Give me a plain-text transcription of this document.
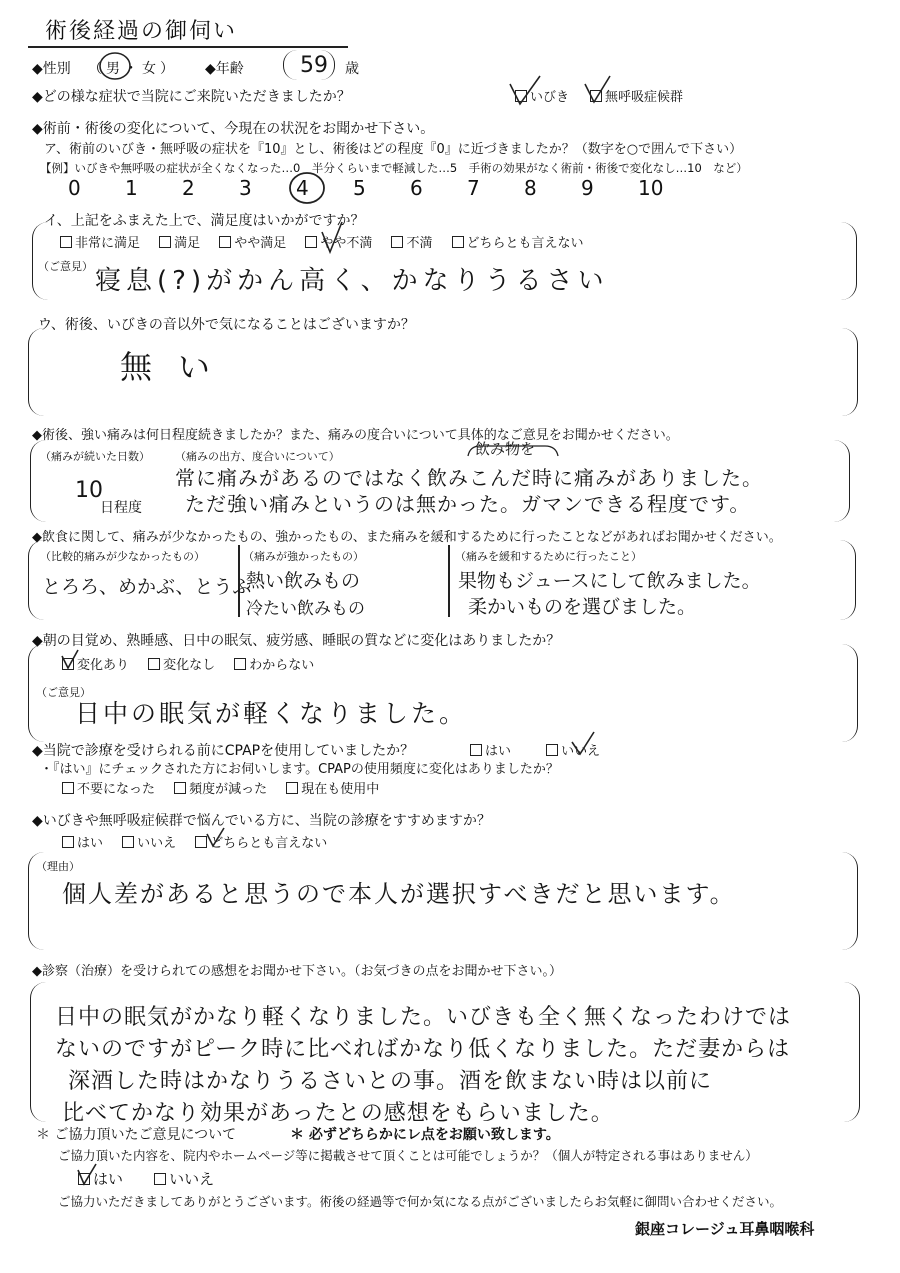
術後経過の御伺い
◆性別 （男・女） ◆年齢	59 歳
◆どの様な症状で当院にご来院いただきましたか？	いびき	無呼吸症候群
◆術前・術後の変化について、今現在の状況をお聞かせ下さい。
ア、術前のいびき・無呼吸の症状を『10』とし、術後はどの程度『0』に近づきましたか？（数字を○で囲んで下さい）
【例】いびきや無呼吸の症状が全くなくなった…0　半分くらいまで軽減した…5　手術の効果がなく術前・術後で変化なし…10　など）
0 1 2 3 4 5 6 7 8 9 10
イ、上記をふまえた上で、満足度はいかがですか？
非常に満足	満足	やや満足	やや不満	不満	どちらとも言えない
（ご意見） 寝息(?)がかん高く、かなりうるさい
ウ、術後、いびきの音以外で気になることはございますか？
無い
◆術後、強い痛みは何日程度続きましたか？また、痛みの度合いについて具体的なご意見をお聞かせください。
（痛みが続いた日数）
10
日程度
（痛みの出方、度合いについて）	飲み物を
常に痛みがあるのではなく飲みこんだ時に痛みがありました。
ただ強い痛みというのは無かった。ガマンできる程度です。
◆飲食に関して、痛みが少なかったもの、強かったもの、また痛みを緩和するために行ったことなどがあればお聞かせください。
（比較的痛みが少なかったもの）
とろろ、めかぶ、とうふ
（痛みが強かったもの）
熱い飲みもの
冷たい飲みもの
（痛みを緩和するために行ったこと）
果物もジュースにして飲みました。
柔かいものを選びました。
◆朝の目覚め、熟睡感、日中の眠気、疲労感、睡眠の質などに変化はありましたか？
変化あり	変化なし	わからない
（ご意見）
日中の眠気が軽くなりました。
◆当院で診療を受けられる前にCPAPを使用していましたか？	はい	いいえ
・『はい』にチェックされた方にお伺いします。CPAPの使用頻度に変化はありましたか？
不要になった	頻度が減った	現在も使用中
◆いびきや無呼吸症候群で悩んでいる方に、当院の診療をすすめますか？
はい	いいえ	どちらとも言えない
（理由）
個人差があると思うので本人が選択すべきだと思います。
◆診察（治療）を受けられての感想をお聞かせ下さい。（お気づきの点をお聞かせ下さい。）
日中の眠気がかなり軽くなりました。いびきも全く無くなったわけでは
ないのですがピーク時に比べればかなり低くなりました。ただ妻からは
深酒した時はかなりうるさいとの事。酒を飲まない時は以前に
比べてかなり効果があったとの感想をもらいました。
＊ ご協力頂いたご意見について	＊ 必ずどちらかにレ点をお願い致します。
ご協力頂いた内容を、院内やホームページ等に掲載させて頂くことは可能でしょうか？（個人が特定される事はありません）
はい	いいえ
ご協力いただきましてありがとうございます。術後の経過等で何か気になる点がございましたらお気軽に御問い合わせください。
銀座コレージュ耳鼻咽喉科
